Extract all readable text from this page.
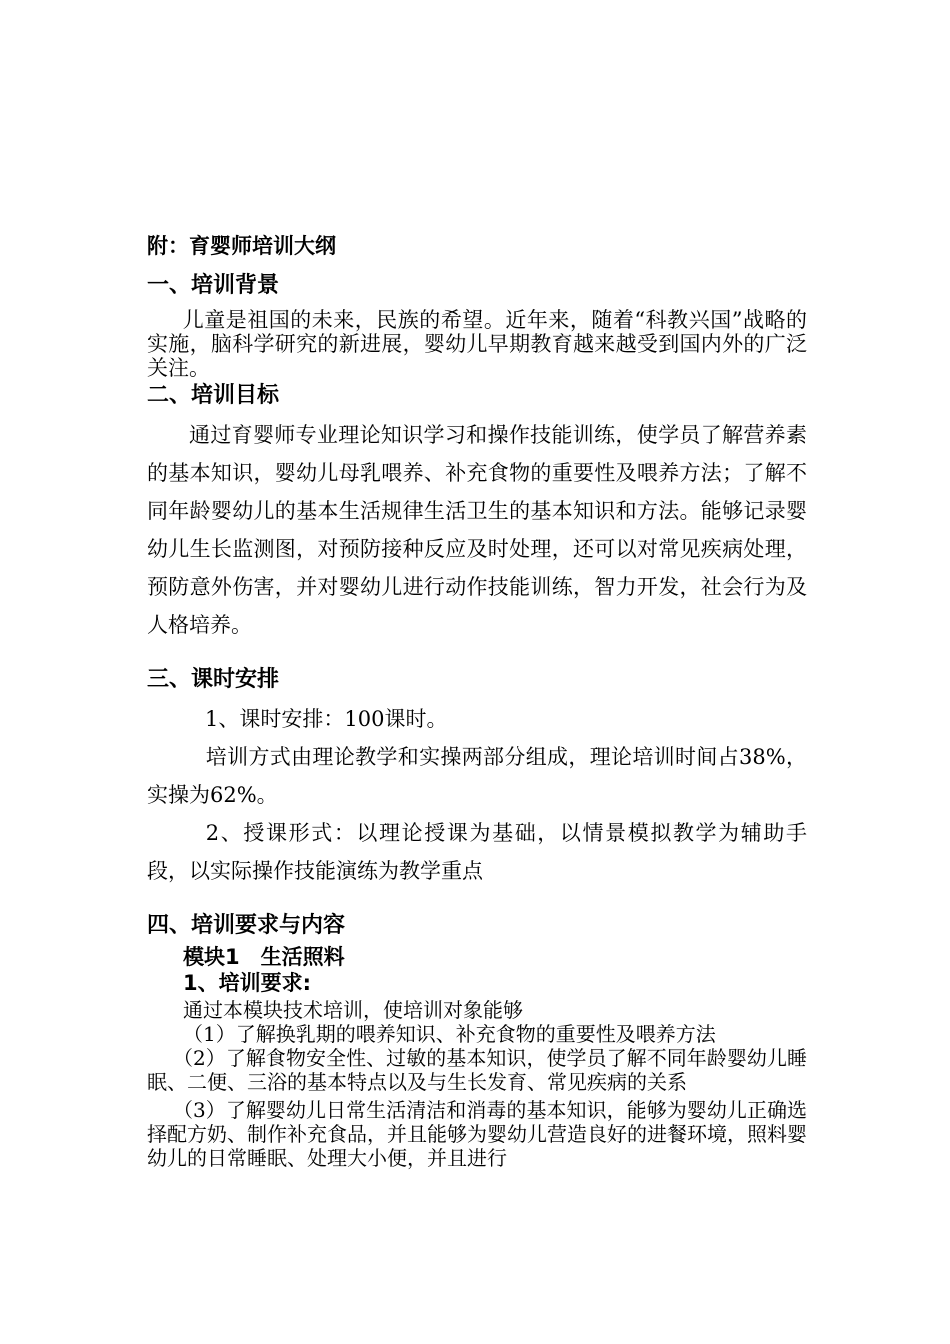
附：育婴师培训大纲

一、培训背景

儿童是祖国的未来，民族的希望。近年来，随着“科教兴国”战略的实施，脑科学研究的新进展，婴幼儿早期教育越来越受到国内外的广泛关注。

二、培训目标

通过育婴师专业理论知识学习和操作技能训练，使学员了解营养素的基本知识，婴幼儿母乳喂养、补充食物的重要性及喂养方法；了解不同年龄婴幼儿的基本生活规律生活卫生的基本知识和方法。能够记录婴幼儿生长监测图，对预防接种反应及时处理，还可以对常见疾病处理，预防意外伤害，并对婴幼儿进行动作技能训练，智力开发，社会行为及人格培养。

三、课时安排

1、课时安排：100课时。

培训方式由理论教学和实操两部分组成，理论培训时间占38%，实操为62%。

2、授课形式：以理论授课为基础，以情景模拟教学为辅助手段，以实际操作技能演练为教学重点

四、培训要求与内容

模块1　生活照料

1、培训要求:

通过本模块技术培训，使培训对象能够

（1）了解换乳期的喂养知识、补充食物的重要性及喂养方法

（2）了解食物安全性、过敏的基本知识，使学员了解不同年龄婴幼儿睡眠、二便、三浴的基本特点以及与生长发育、常见疾病的关系

（3）了解婴幼儿日常生活清洁和消毒的基本知识，能够为婴幼儿正确选择配方奶、制作补充食品，并且能够为婴幼儿营造良好的进餐环境，照料婴幼儿的日常睡眠、处理大小便，并且进行
